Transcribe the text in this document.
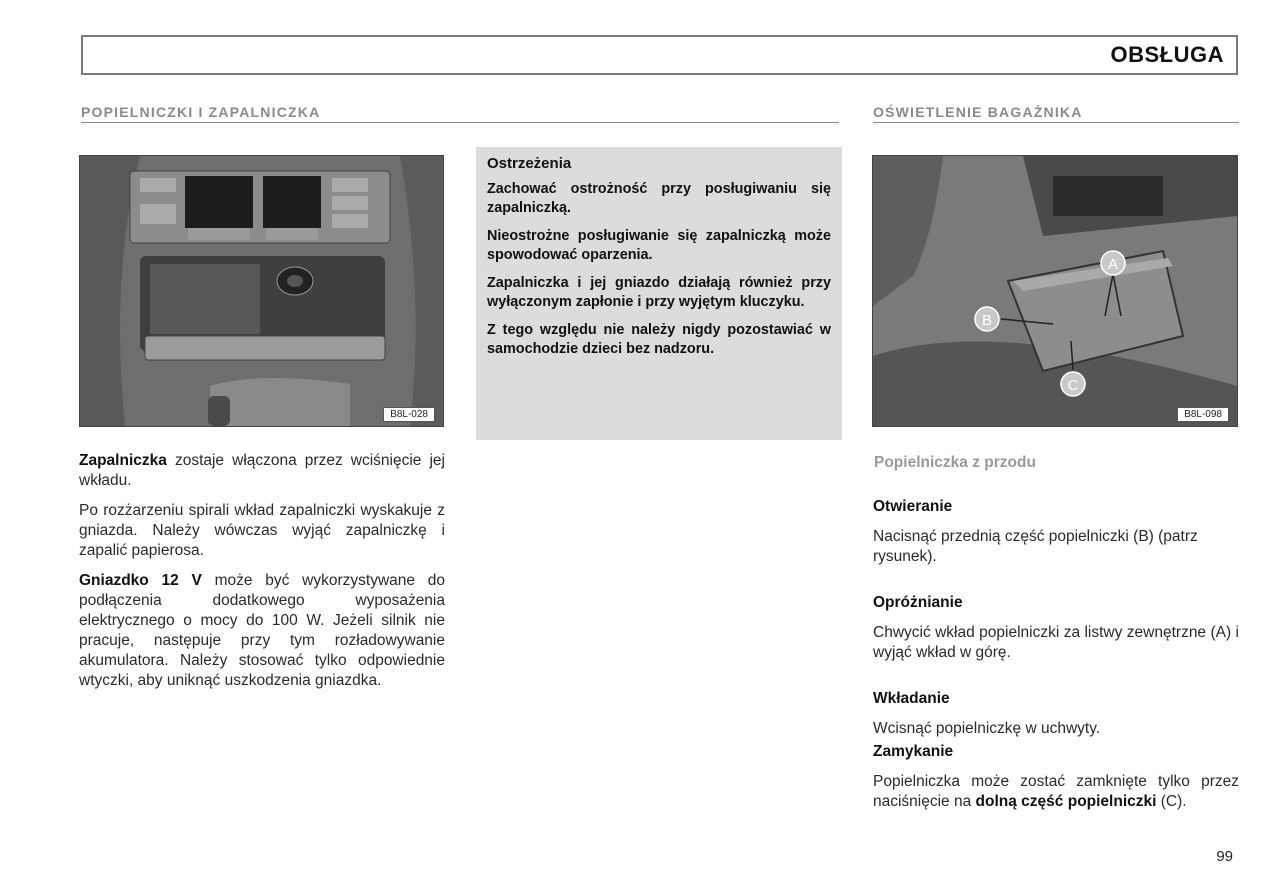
OBSŁUGA
POPIELNICZKI I ZAPALNICZKA
B8L-028

Zapalniczka zostaje włączona przez wciśnięcie jej wkładu.

Po rozżarzeniu spirali wkład zapalniczki wyskakuje z gniazda. Należy wówczas wyjąć zapalniczkę i zapalić papierosa.

Gniazdko 12 V może być wykorzystywane do podłączenia dodatkowego wyposażenia elektrycznego o mocy do 100 W. Jeżeli silnik nie pracuje, następuje przy tym rozładowywanie akumulatora. Należy stosować tylko odpowiednie wtyczki, aby uniknąć uszkodzenia gniazdka.

Ostrzeżenia

Zachować ostrożność przy posługiwaniu się zapalniczką.

Nieostrożne posługiwanie się zapalniczką może spowodować oparzenia.

Zapalniczka i jej gniazdo działają również przy wyłączonym zapłonie i przy wyjętym kluczyku.

Z tego względu nie należy nigdy pozostawiać w samochodzie dzieci bez nadzoru.

OŚWIETLENIE BAGAŻNIKA
A
B
C
B8L-098
Popielniczka z przodu

Otwieranie

Nacisnąć przednią część popielniczki (B) (patrz rysunek).

Opróżnianie

Chwycić wkład popielniczki za listwy zewnętrzne (A) i wyjąć wkład w górę.

Wkładanie

Wcisnąć popielniczkę w uchwyty.

Zamykanie

Popielniczka może zostać zamknięte tylko przez naciśnięcie na dolną część popielniczki (C).

99
